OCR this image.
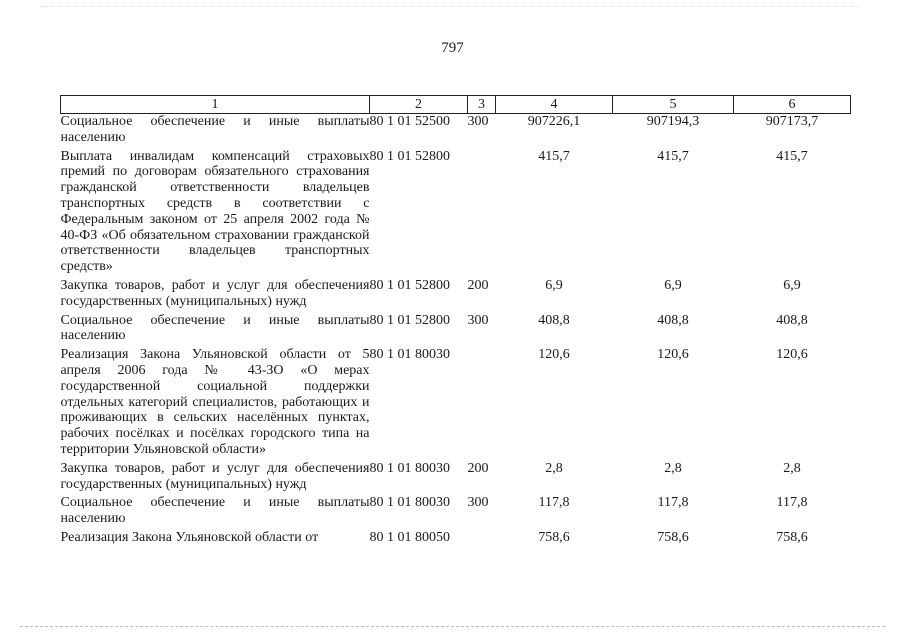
797
1	2	3	4	5	6
Социальное обеспечение и иные выплаты населению	80 1 01 52500	300	907226,1	907194,3	907173,7
Выплата инвалидам компенсаций страховых премий по договорам обязательного страхования гражданской ответственности владельцев транспортных средств в соответствии с Федеральным законом от 25 апреля 2002 года № 40-ФЗ «Об обязательном страховании гражданской ответственности владельцев транспортных средств»	80 1 01 52800		415,7	415,7	415,7
Закупка товаров, работ и услуг для обеспечения государственных (муниципальных) нужд	80 1 01 52800	200	6,9	6,9	6,9
Социальное обеспечение и иные выплаты населению	80 1 01 52800	300	408,8	408,8	408,8
Реализация Закона Ульяновской области от 5 апреля 2006 года № 43-ЗО «О мерах государственной социальной поддержки отдельных категорий специалистов, работающих и проживающих в сельских населённых пунктах, рабочих посёлках и посёлках городского типа на территории Ульяновской области»	80 1 01 80030		120,6	120,6	120,6
Закупка товаров, работ и услуг для обеспечения государственных (муниципальных) нужд	80 1 01 80030	200	2,8	2,8	2,8
Социальное обеспечение и иные выплаты населению	80 1 01 80030	300	117,8	117,8	117,8
Реализация Закона Ульяновской области от	80 1 01 80050		758,6	758,6	758,6
